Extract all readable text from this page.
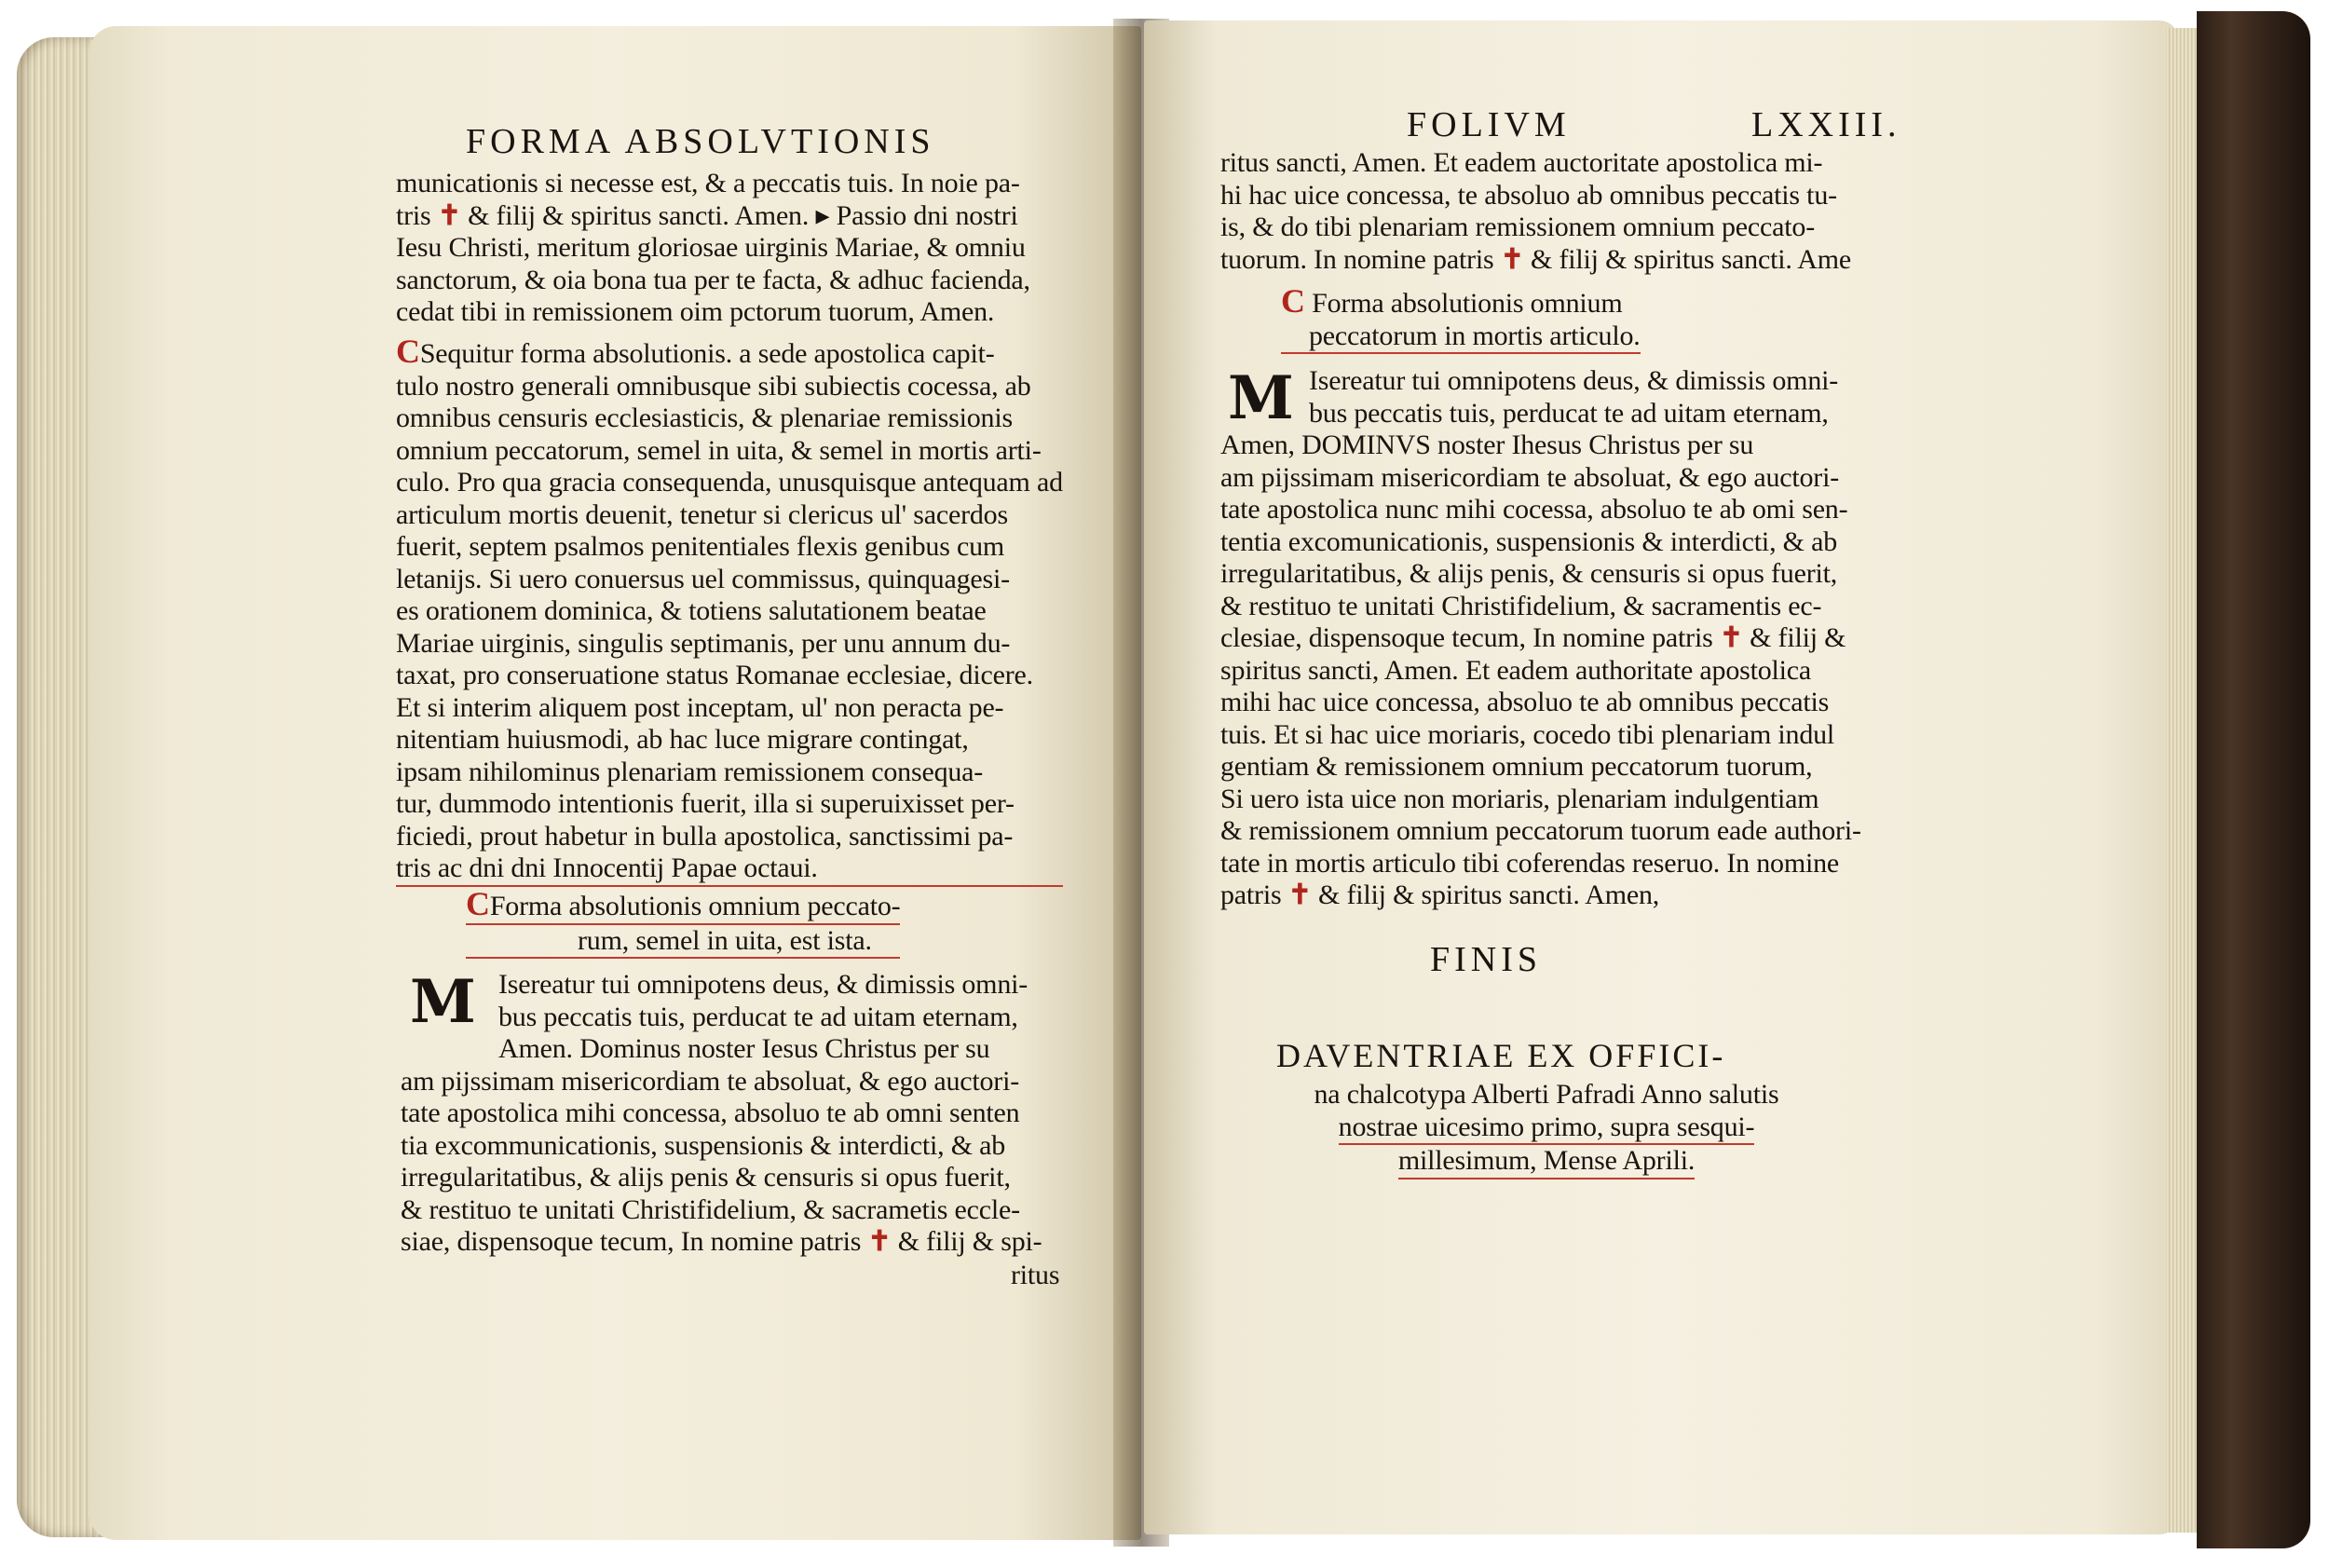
FORMA ABSOLVTIONIS
municationis si necesse est, & a peccatis tuis. In noie pa-
tris ✝ & filij & spiritus sancti. Amen. ▸ Passio dni nostri
Iesu Christi, meritum gloriosae uirginis Mariae, & omniu
sanctorum, & oia bona tua per te facta, & adhuc facienda,
cedat tibi in remissionem oim pctorum tuorum, Amen.
CSequitur forma absolutionis. a sede apostolica capit-
tulo nostro generali omnibusque sibi subiectis cocessa, ab
omnibus censuris ecclesiasticis, & plenariae remissionis
omnium peccatorum, semel in uita, & semel in mortis arti-
culo. Pro qua gracia consequenda, unusquisque antequam ad
articulum mortis deuenit, tenetur si clericus ul' sacerdos
fuerit, septem psalmos penitentiales flexis genibus cum
letanijs. Si uero conuersus uel commissus, quinquagesi-
es orationem dominica, & totiens salutationem beatae
Mariae uirginis, singulis septimanis, per unu annum du-
taxat, pro conseruatione status Romanae ecclesiae, dicere.
Et si interim aliquem post inceptam, ul' non peracta pe-
nitentiam huiusmodi, ab hac luce migrare contingat,
ipsam nihilominus plenariam remissionem consequa-
tur, dummodo intentionis fuerit, illa si superuixisset per-
ficiedi, prout habetur in bulla apostolica, sanctissimi pa-
tris ac dni dni Innocentij Papae octaui.
CForma absolutionis omnium peccato-
rum, semel in uita, est ista.
M Isereatur tui omnipotens deus, & dimissis omni-
bus peccatis tuis, perducat te ad uitam eternam,
Amen. Dominus noster Iesus Christus per su
am pijssimam misericordiam te absoluat, & ego auctori-
tate apostolica mihi concessa, absoluo te ab omni senten
tia excommunicationis, suspensionis & interdicti, & ab
irregularitatibus, & alijs penis & censuris si opus fuerit,
& restituo te unitati Christifidelium, & sacrametis eccle-
siae, dispensoque tecum, In nomine patris ✝ & filij & spi-
ritus
FOLIVM	LXXIII.
ritus sancti, Amen. Et eadem auctoritate apostolica mi-
hi hac uice concessa, te absoluo ab omnibus peccatis tu-
is, & do tibi plenariam remissionem omnium peccato-
tuorum. In nomine patris ✝ & filij & spiritus sancti. Ame
C Forma absolutionis omnium
peccatorum in mortis articulo.
M Isereatur tui omnipotens deus, & dimissis omni-
bus peccatis tuis, perducat te ad uitam eternam,
Amen, DOMINVS noster Ihesus Christus per su
am pijssimam misericordiam te absoluat, & ego auctori-
tate apostolica nunc mihi cocessa, absoluo te ab omi sen-
tentia excomunicationis, suspensionis & interdicti, & ab
irregularitatibus, & alijs penis, & censuris si opus fuerit,
& restituo te unitati Christifidelium, & sacramentis ec-
clesiae, dispensoque tecum, In nomine patris ✝ & filij &
spiritus sancti, Amen. Et eadem authoritate apostolica
mihi hac uice concessa, absoluo te ab omnibus peccatis
tuis. Et si hac uice moriaris, cocedo tibi plenariam indul
gentiam & remissionem omnium peccatorum tuorum,
Si uero ista uice non moriaris, plenariam indulgentiam
& remissionem omnium peccatorum tuorum eade authori-
tate in mortis articulo tibi coferendas reseruo. In nomine
patris ✝ & filij & spiritus sancti. Amen,
FINIS
DAVENTRIAE EX OFFICI-
na chalcotypa Alberti Pafradi Anno salutis
nostrae uicesimo primo, supra sesqui-
millesimum, Mense Aprili.
